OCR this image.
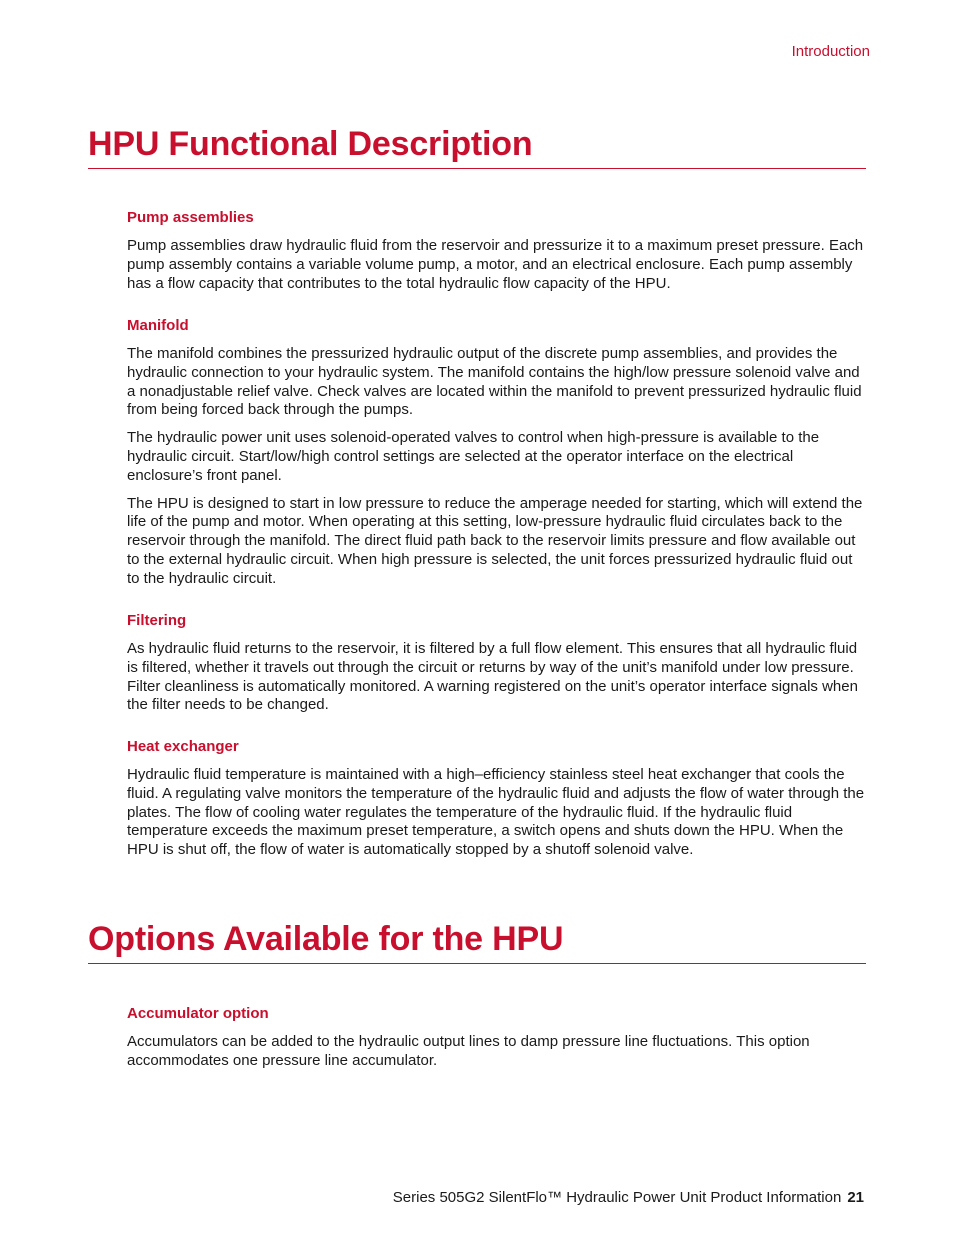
Introduction
HPU Functional Description
Pump assemblies

Pump assemblies draw hydraulic fluid from the reservoir and pressurize it to a maximum preset pressure. Each pump assembly contains a variable volume pump, a motor, and an electrical enclosure. Each pump assembly has a flow capacity that contributes to the total hydraulic flow capacity of the HPU.

Manifold

The manifold combines the pressurized hydraulic output of the discrete pump assemblies, and provides the hydraulic connection to your hydraulic system. The manifold contains the high/low pressure solenoid valve and a nonadjustable relief valve. Check valves are located within the manifold to prevent pressurized hydraulic fluid from being forced back through the pumps.

The hydraulic power unit uses solenoid-operated valves to control when high-pressure is available to the hydraulic circuit. Start/low/high control settings are selected at the operator interface on the electrical enclosure’s front panel.

The HPU is designed to start in low pressure to reduce the amperage needed for starting, which will extend the life of the pump and motor. When operating at this setting, low-pressure hydraulic fluid circulates back to the reservoir through the manifold. The direct fluid path back to the reservoir limits pressure and flow available out to the external hydraulic circuit. When high pressure is selected, the unit forces pressurized hydraulic fluid out to the hydraulic circuit.

Filtering

As hydraulic fluid returns to the reservoir, it is filtered by a full flow element. This ensures that all hydraulic fluid is filtered, whether it travels out through the circuit or returns by way of the unit’s manifold under low pressure. Filter cleanliness is automatically monitored. A warning registered on the unit’s operator interface signals when the filter needs to be changed.

Heat exchanger

Hydraulic fluid temperature is maintained with a high–efficiency stainless steel heat exchanger that cools the fluid. A regulating valve monitors the temperature of the hydraulic fluid and adjusts the flow of water through the plates. The flow of cooling water regulates the temperature of the hydraulic fluid. If the hydraulic fluid temperature exceeds the maximum preset temperature, a switch opens and shuts down the HPU. When the HPU is shut off, the flow of water is automatically stopped by a shutoff solenoid valve.

Options Available for the HPU
Accumulator option

Accumulators can be added to the hydraulic output lines to damp pressure line fluctuations. This option accommodates one pressure line accumulator.

Series 505G2 SilentFlo™ Hydraulic Power Unit Product Information 21
